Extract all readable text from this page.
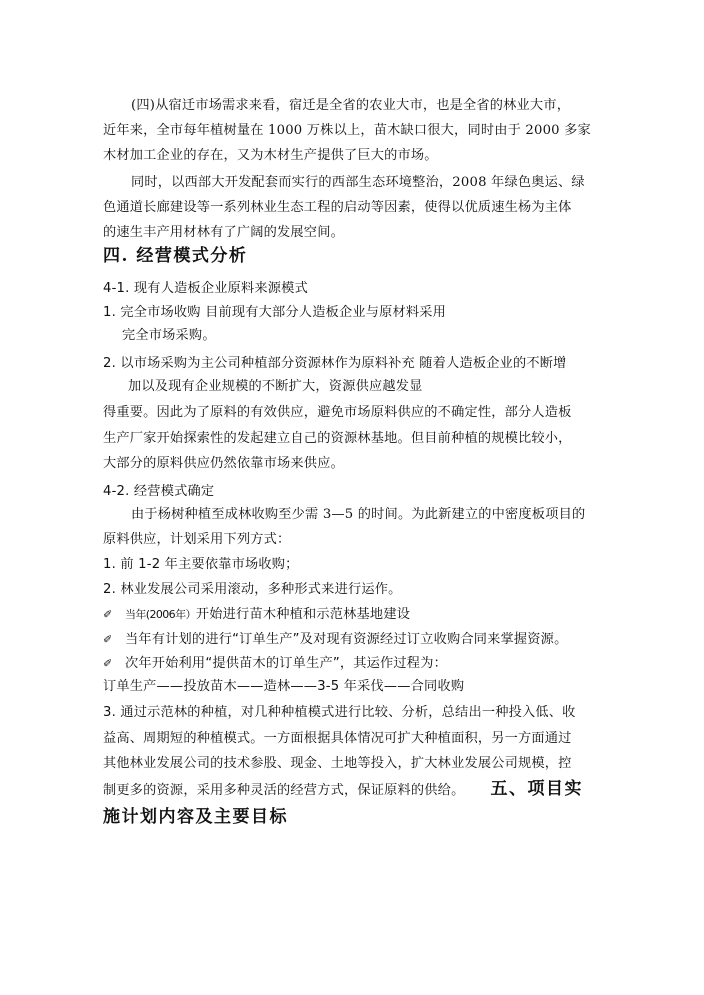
(四)从宿迁市场需求来看，宿迁是全省的农业大市，也是全省的林业大市，
近年来，全市每年植树量在 1000 万株以上，苗木缺口很大，同时由于 2000 多家
木材加工企业的存在，又为木材生产提供了巨大的市场。
同时，以西部大开发配套而实行的西部生态环境整治，2008 年绿色奥运、绿
色通道长廊建设等一系列林业生态工程的启动等因素，使得以优质速生杨为主体
的速生丰产用材林有了广阔的发展空间。
四. 经营模式分析
4-1. 现有人造板企业原料来源模式
1. 完全市场收购 目前现有大部分人造板企业与原材料采用
完全市场采购。
2. 以市场采购为主公司种植部分资源林作为原料补充 随着人造板企业的不断增
加以及现有企业规模的不断扩大，资源供应越发显
得重要。因此为了原料的有效供应，避免市场原料供应的不确定性，部分人造板
生产厂家开始探索性的发起建立自己的资源林基地。但目前种植的规模比较小，
大部分的原料供应仍然依靠市场来供应。
4-2. 经营模式确定
由于杨树种植至成林收购至少需 3—5 的时间。为此新建立的中密度板项目的
原料供应，计划采用下列方式：
1. 前 1-2 年主要依靠市场收购；
2. 林业发展公司采用滚动，多种形式来进行运作。
✐ 当年(2006年）开始进行苗木种植和示范林基地建设
✐ 当年有计划的进行“订单生产”及对现有资源经过订立收购合同来掌握资源。
✐ 次年开始利用“提供苗木的订单生产”，其运作过程为：
订单生产——投放苗木——造林——3-5 年采伐——合同收购
3. 通过示范林的种植，对几种种植模式进行比较、分析，总结出一种投入低、收
益高、周期短的种植模式。一方面根据具体情况可扩大种植面积，另一方面通过
其他林业发展公司的技术参股、现金、土地等投入，扩大林业发展公司规模，控
制更多的资源，采用多种灵活的经营方式，保证原料的供给。 五、项目实
施计划内容及主要目标
